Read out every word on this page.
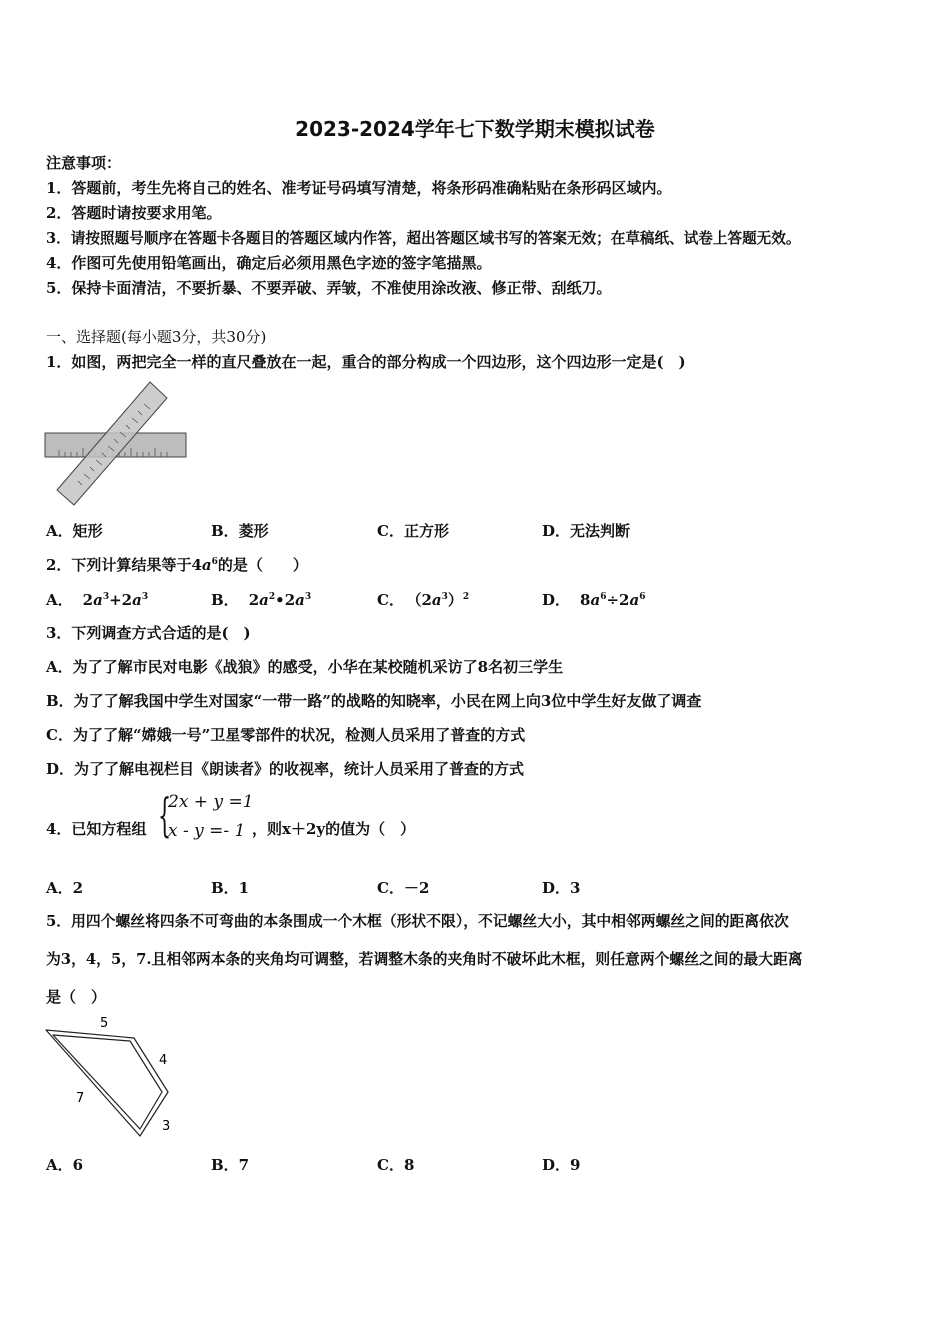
2023-2024学年七下数学期末模拟试卷
注意事项：
1．答题前，考生先将自己的姓名、准考证号码填写清楚，将条形码准确粘贴在条形码区域内。
2．答题时请按要求用笔。
3．请按照题号顺序在答题卡各题目的答题区域内作答，超出答题区域书写的答案无效；在草稿纸、试卷上答题无效。
4．作图可先使用铅笔画出，确定后必须用黑色字迹的签字笔描黑。
5．保持卡面清洁，不要折暴、不要弄破、弄皱，不准使用涂改液、修正带、刮纸刀。
一、选择题(每小题3分，共30分)
1．如图，两把完全一样的直尺叠放在一起，重合的部分构成一个四边形，这个四边形一定是(　)
A．矩形	B．菱形	C．正方形	D．无法判断
2．下列计算结果等于$4a^6$的是（　　）
A． $2a^3+2a^3$	B． $2a^2•2a^3$	C． $(2a^3)^2$	D． $8a^6\div 2a^6$
3．下列调查方式合适的是(　)
A．为了了解市民对电影《战狼》的感受，小华在某校随机采访了8名初三学生
B．为了了解我国中学生对国家“一带一路”的战略的知晓率，小民在网上向3位中学生好友做了调查
C．为了了解“嫦娥一号”卫星零部件的状况，检测人员采用了普查的方式
D．为了了解电视栏目《朗读者》的收视率，统计人员采用了普查的方式
4．已知方程组 {
2x + y =1
x - y =- 1 ，则x＋2y的值为（　）
A．2	B．1	C．－2	D．3
5．用四个螺丝将四条不可弯曲的本条围成一个木框（形状不限），不记螺丝大小，其中相邻两螺丝之间的距离依次
为3，4，5，7.且相邻两本条的夹角均可调整，若调整木条的夹角时不破坏此木框，则任意两个螺丝之间的最大距离
是（　）
5
4
7
3
A．6	B．7	C．8	D．9
